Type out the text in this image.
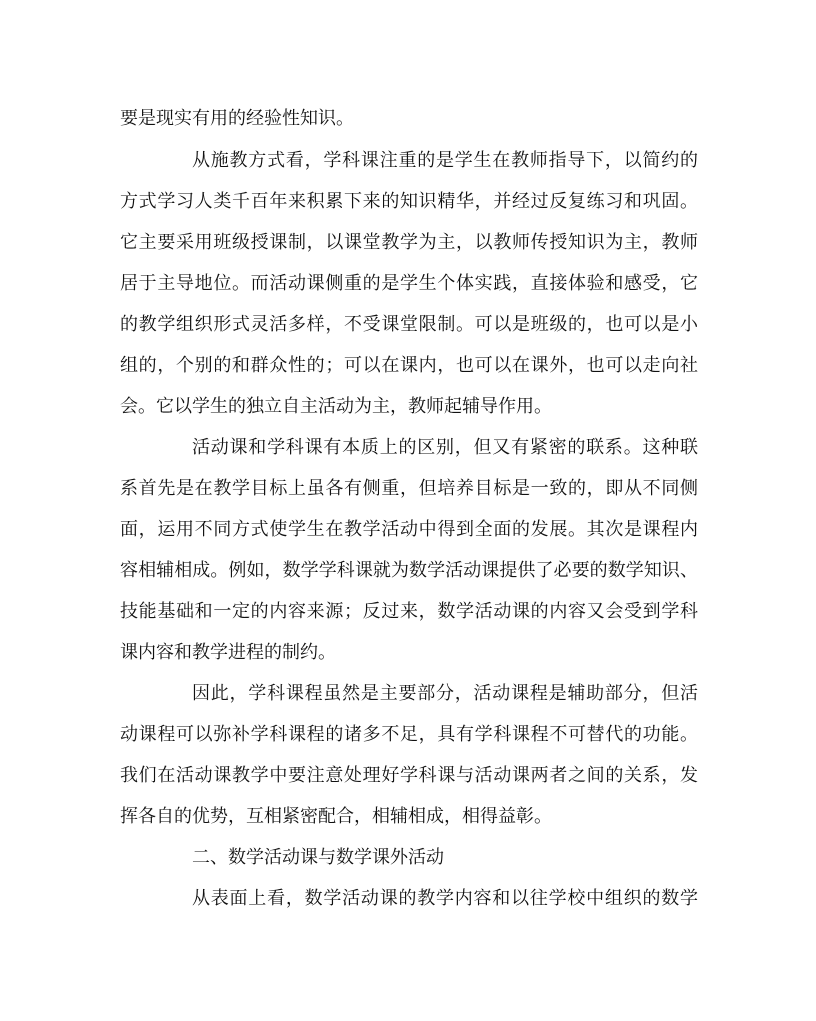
要是现实有用的经验性知识。
从施教方式看，学科课注重的是学生在教师指导下，以简约的
方式学习人类千百年来积累下来的知识精华，并经过反复练习和巩固。
它主要采用班级授课制，以课堂教学为主，以教师传授知识为主，教师
居于主导地位。而活动课侧重的是学生个体实践，直接体验和感受，它
的教学组织形式灵活多样，不受课堂限制。可以是班级的，也可以是小
组的，个别的和群众性的；可以在课内，也可以在课外，也可以走向社
会。它以学生的独立自主活动为主，教师起辅导作用。
活动课和学科课有本质上的区别，但又有紧密的联系。这种联
系首先是在教学目标上虽各有侧重，但培养目标是一致的，即从不同侧
面，运用不同方式使学生在教学活动中得到全面的发展。其次是课程内
容相辅相成。例如，数学学科课就为数学活动课提供了必要的数学知识、
技能基础和一定的内容来源；反过来，数学活动课的内容又会受到学科
课内容和教学进程的制约。
因此，学科课程虽然是主要部分，活动课程是辅助部分，但活
动课程可以弥补学科课程的诸多不足，具有学科课程不可替代的功能。
我们在活动课教学中要注意处理好学科课与活动课两者之间的关系，发
挥各自的优势，互相紧密配合，相辅相成，相得益彰。
二、数学活动课与数学课外活动
从表面上看，数学活动课的教学内容和以往学校中组织的数学
